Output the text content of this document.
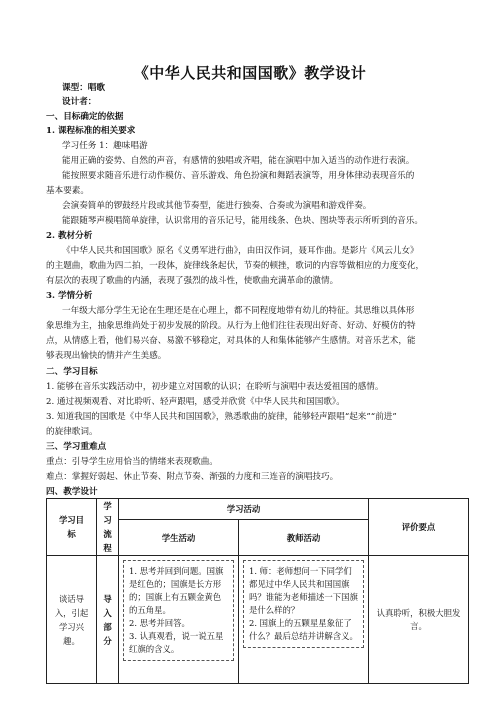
《中华人民共和国国歌》教学设计
课型：唱歌
设计者：
一、目标确定的依据
1. 课程标准的相关要求
学习任务 1：趣味唱游
能用正确的姿势、自然的声音，有感情的独唱或齐唱，能在演唱中加入适当的动作进行表演。
能按照要求随音乐进行动作模仿、音乐游戏、角色扮演和舞蹈表演等，用身体律动表现音乐的
基本要素。
会演奏简单的锣鼓经片段或其他节奏型，能进行独奏、合奏或为演唱和游戏伴奏。
能跟随琴声模唱简单旋律，认识常用的音乐记号，能用线条、色块、图块等表示所听到的音乐。
2. 教材分析
《中华人民共和国国歌》原名《义勇军进行曲》，由田汉作词，聂耳作曲。是影片《风云儿女》
的主题曲，歌曲为四二拍，一段体，旋律线条起伏，节奏的顿挫，歌词的内容等做相应的力度变化，
有层次的表现了歌曲的内涵，表现了强烈的战斗性，使歌曲充满革命的激情。
3. 学情分析
一年级大部分学生无论在生理还是在心理上，都不同程度地带有幼儿的特征。其思维以具体形
象思维为主，抽象思维尚处于初步发展的阶段。从行为上他们往往表现出好奇、好动、好模仿的特
点，从情感上看，他们易兴奋、易激不够稳定，对具体的人和集体能够产生感情。对音乐艺术，能
够表现出愉快的情并产生美感。
二、学习目标
1. 能够在音乐实践活动中，初步建立对国歌的认识；在聆听与演唱中表达爱祖国的感情。
2. 通过视频观看、对比聆听、轻声跟唱，感受并欣赏《中华人民共和国国歌》。
3. 知道我国的国歌是《中华人民共和国国歌》，熟悉歌曲的旋律，能够轻声跟唱“起来”“前进”
的旋律歌词。
三、学习重难点
重点：引导学生应用恰当的情绪来表现歌曲。
难点：掌握好弱起、休止节奏、附点节奏、渐强的力度和三连音的演唱技巧。
四、教学设计
学习目标	学习流程	学习活动		评价要点
		学生活动	教师活动	
谈话导入，引起学习兴趣。	导入部分	1. 思考并回到问题。国旗是红色的；国旗是长方形的；国旗上有五颗金黄色的五角星。
2. 思考并回答。
3. 认真观看，说一说五星红旗的含义。	1. 师：老师想问一下同学们都见过中华人民共和国国旗吗？谁能为老师描述一下国旗是什么样的？
2. 国旗上的五颗星星象征了什么？最后总结并讲解含义。	认真聆听，积极大胆发言。
